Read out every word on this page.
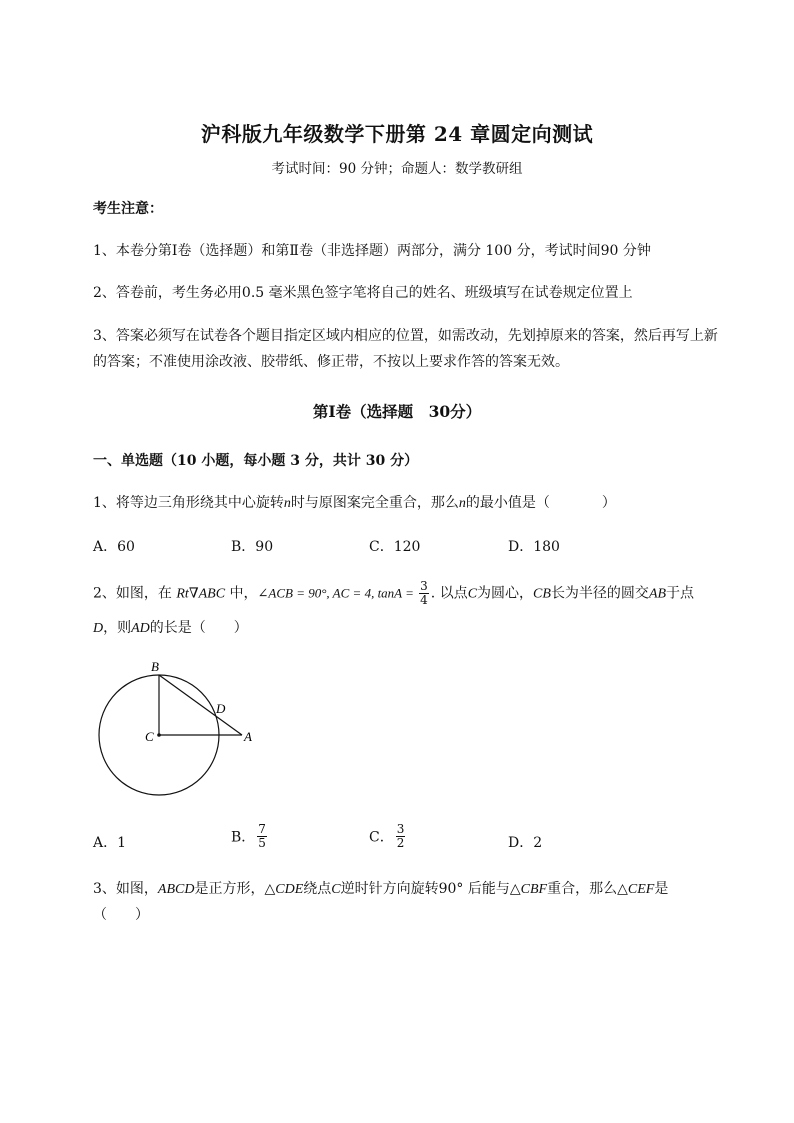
沪科版九年级数学下册第 24 章圆定向测试
考试时间：90 分钟；命题人：数学教研组
考生注意：
1、本卷分第Ⅰ卷（选择题）和第Ⅱ卷（非选择题）两部分，满分 100 分，考试时间90 分钟
2、答卷前，考生务必用0.5 毫米黑色签字笔将自己的姓名、班级填写在试卷规定位置上
3、答案必须写在试卷各个题目指定区域内相应的位置，如需改动，先划掉原来的答案，然后再写上新
的答案；不准使用涂改液、胶带纸、修正带，不按以上要求作答的答案无效。
第Ⅰ卷（选择题　30分）
一、单选题（10 小题，每小题 3 分，共计 30 分）
1、将等边三角形绕其中心旋转n时与原图案完全重合，那么n的最小值是（	）
A．60	B．90	C．120	D．180
2、如图，在 Rt∇ABC 中，∠ACB = 90°, AC = 4, $\tan A = \frac{3}{4}$ . 以点C为圆心，CB长为半径的圆交AB于点
D，则AD的长是（　　）
B
D
C	A
A．1	B． $\frac{7}{5}$	C． $\frac{3}{2}$	D．2
3、如图，ABCD是正方形，△CDE绕点C逆时针方向旋转90° 后能与△CBF重合，那么△CEF是
（　　）
